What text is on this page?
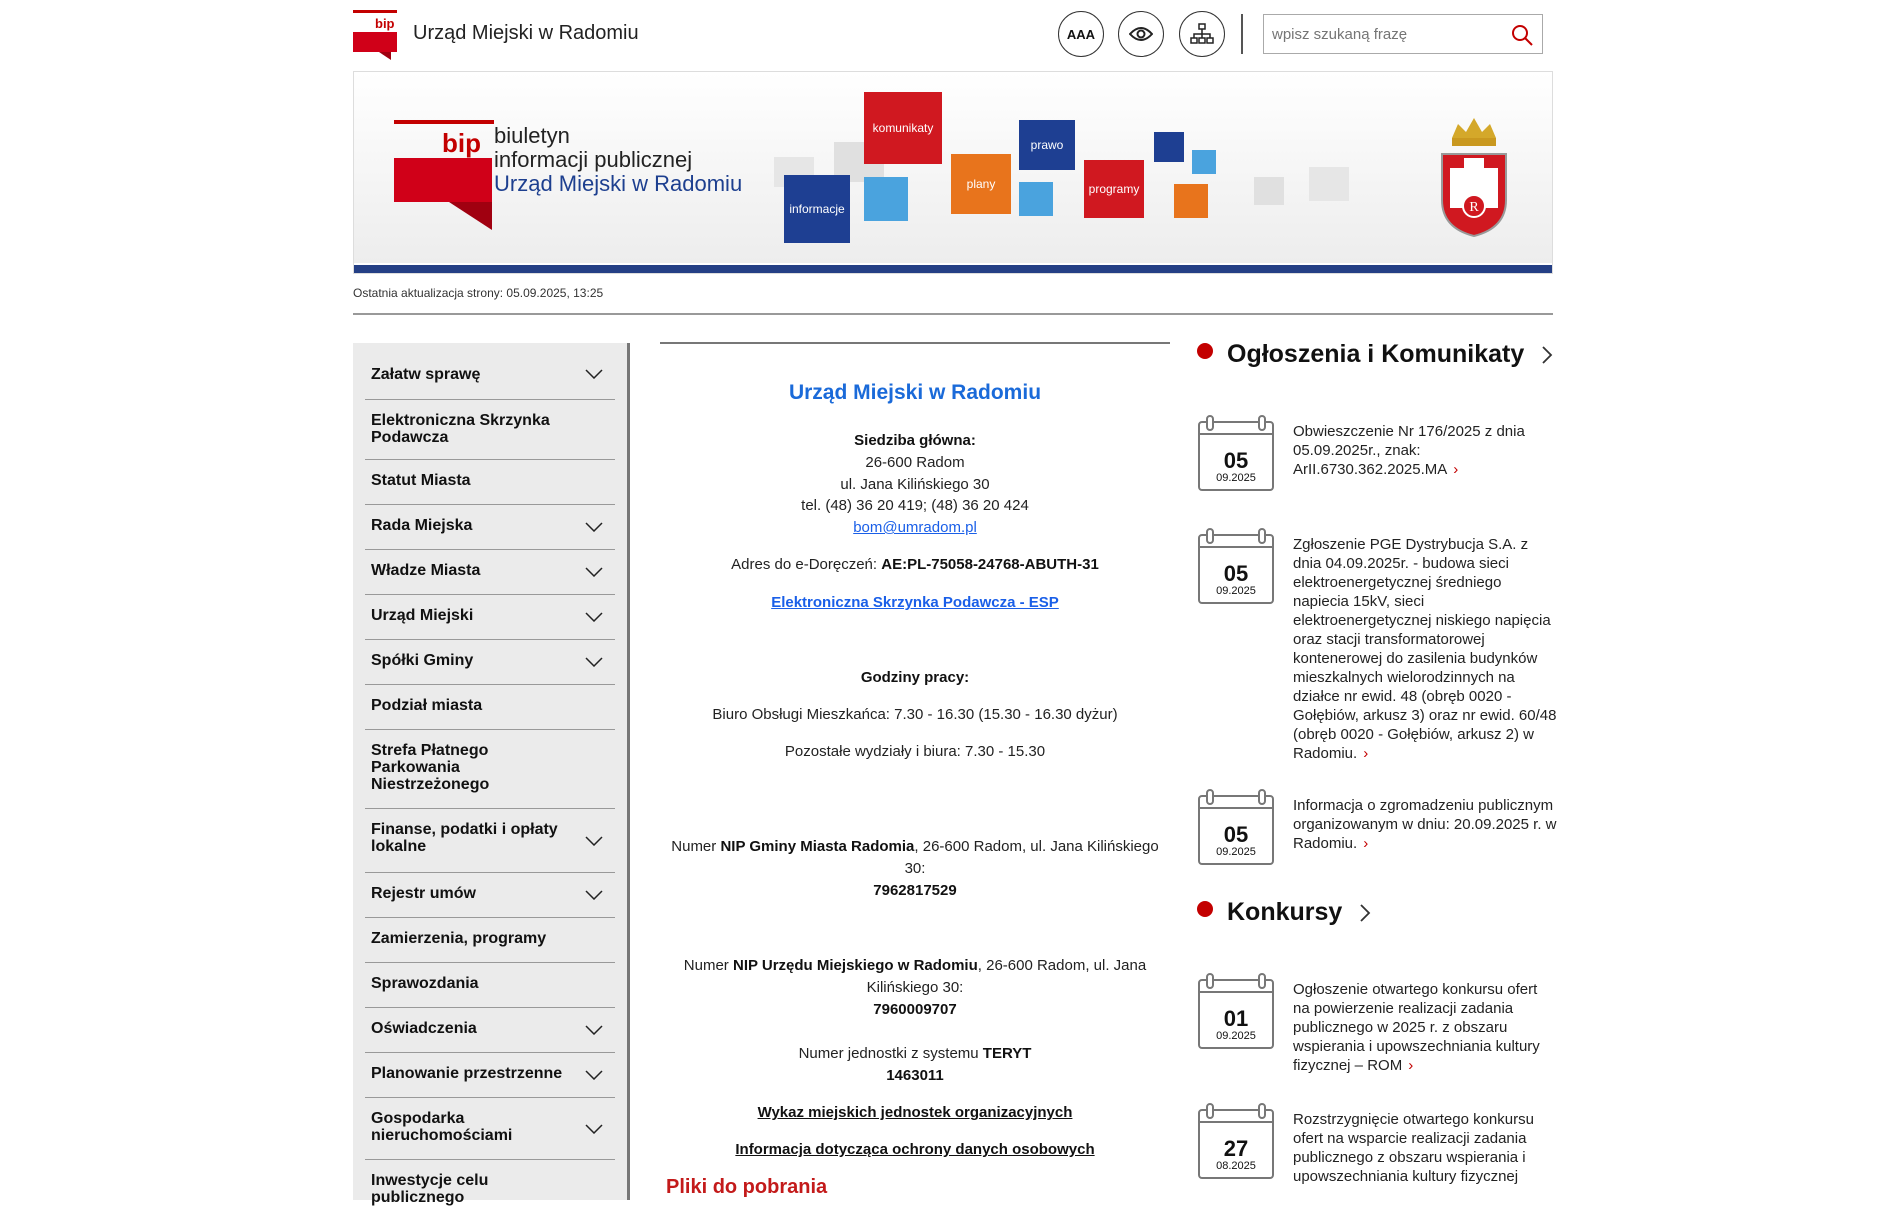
bip Urząd Miejski w Radomiu	AAA
wpisz szukaną frazę
bip biuletyn
informacji publicznej
Urząd Miejski w Radomiu
komunikaty
prawo
informacje
plany	programy
R
Ostatnia aktualizacja strony: 05.09.2025, 13:25
Załatw sprawę
Elektroniczna Skrzynka Podawcza
Statut Miasta
Rada Miejska
Władze Miasta
Urząd Miejski
Spółki Gminy
Podział miasta
Strefa Płatnego Parkowania Niestrzeżonego
Finanse, podatki i opłaty lokalne
Rejestr umów
Zamierzenia, programy
Sprawozdania
Oświadczenia
Planowanie przestrzenne
Gospodarka nieruchomościami
Inwestycje celu publicznego
Urząd Miejski w Radomiu
Siedziba główna:
26-600 Radom
ul. Jana Kilińskiego 30
tel. (48) 36 20 419; (48) 36 20 424
bom@umradom.pl
Adres do e-Doręczeń: AE:PL-75058-24768-ABUTH-31
Elektroniczna Skrzynka Podawcza - ESP
Godziny pracy:
Biuro Obsługi Mieszkańca: 7.30 - 16.30 (15.30 - 16.30 dyżur)
Pozostałe wydziały i biura: 7.30 - 15.30
Numer NIP Gminy Miasta Radomia, 26-600 Radom, ul. Jana Kilińskiego 30:
7962817529
Numer NIP Urzędu Miejskiego w Radomiu, 26-600 Radom, ul. Jana Kilińskiego 30:
7960009707
Numer jednostki z systemu TERYT
1463011
Wykaz miejskich jednostek organizacyjnych
Informacja dotycząca ochrony danych osobowych
Pliki do pobrania
Ogłoszenia i Komunikaty
05
09.2025
Obwieszczenie Nr 176/2025 z dnia 05.09.2025r., znak: ArII.6730.362.2025.MA ›
05
09.2025
Zgłoszenie PGE Dystrybucja S.A. z dnia 04.09.2025r. - budowa sieci elektroenergetycznej średniego napiecia 15kV, sieci elektroenergetycznej niskiego napięcia oraz stacji transformatorowej kontenerowej do zasilenia budynków mieszkalnych wielorodzinnych na działce nr ewid. 48 (obręb 0020 - Gołębiów, arkusz 3) oraz nr ewid. 60/48 (obręb 0020 - Gołębiów, arkusz 2) w Radomiu. ›
05
09.2025
Informacja o zgromadzeniu publicznym organizowanym w dniu: 20.09.2025 r. w Radomiu. ›
Konkursy
01
09.2025
Ogłoszenie otwartego konkursu ofert na powierzenie realizacji zadania publicznego w 2025 r. z obszaru wspierania i upowszechniania kultury fizycznej – ROM ›
27
08.2025
Rozstrzygnięcie otwartego konkursu ofert na wsparcie realizacji zadania publicznego z obszaru wspierania i upowszechniania kultury fizycznej
